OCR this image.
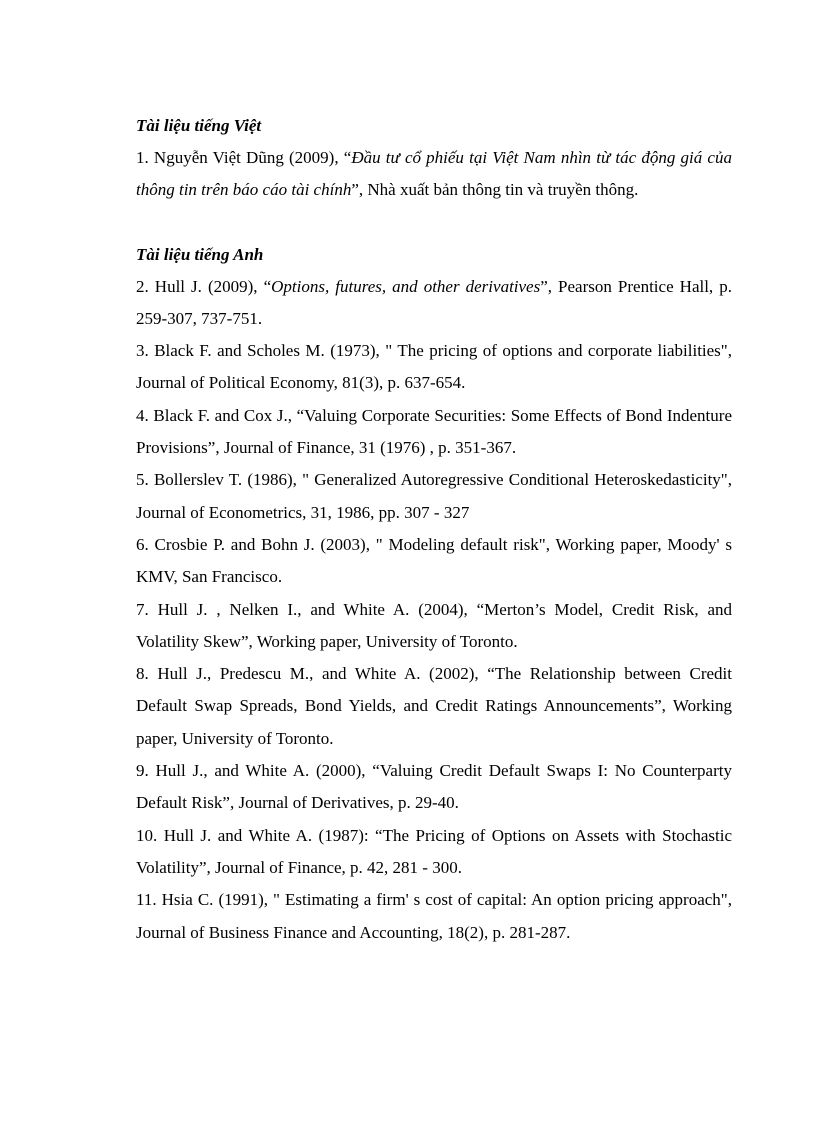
Tài liệu tiếng Việt

1. Nguyễn Việt Dũng (2009), “Đầu tư cổ phiếu tại Việt Nam nhìn từ tác động giá của thông tin trên báo cáo tài chính”, Nhà xuất bản thông tin và truyền thông.

Tài liệu tiếng Anh

2. Hull J. (2009), “Options, futures, and other derivatives”, Pearson Prentice Hall, p. 259-307, 737-751.

3. Black F. and Scholes M. (1973), " The pricing of options and corporate liabilities", Journal of Political Economy, 81(3), p. 637-654.

4. Black F. and Cox J., “Valuing Corporate Securities: Some Effects of Bond Indenture Provisions”, Journal of Finance, 31 (1976) , p. 351-367.

5. Bollerslev T. (1986), " Generalized Autoregressive Conditional Heteroskedasticity", Journal of Econometrics, 31, 1986, pp. 307 - 327

6. Crosbie P. and Bohn J. (2003), " Modeling default risk", Working paper, Moody' s KMV, San Francisco.

7. Hull J. , Nelken I., and White A. (2004), “Merton’s Model, Credit Risk, and Volatility Skew”, Working paper, University of Toronto.

8. Hull J., Predescu M., and White A. (2002), “The Relationship between Credit Default Swap Spreads, Bond Yields, and Credit Ratings Announcements”, Working paper, University of Toronto.

9. Hull J., and White A. (2000), “Valuing Credit Default Swaps I: No Counterparty Default Risk”, Journal of Derivatives, p. 29-40.

10. Hull J. and White A. (1987): “The Pricing of Options on Assets with Stochastic Volatility”, Journal of Finance, p. 42, 281 - 300.

11. Hsia C. (1991), " Estimating a firm' s cost of capital: An option pricing approach", Journal of Business Finance and Accounting, 18(2), p. 281-287.
